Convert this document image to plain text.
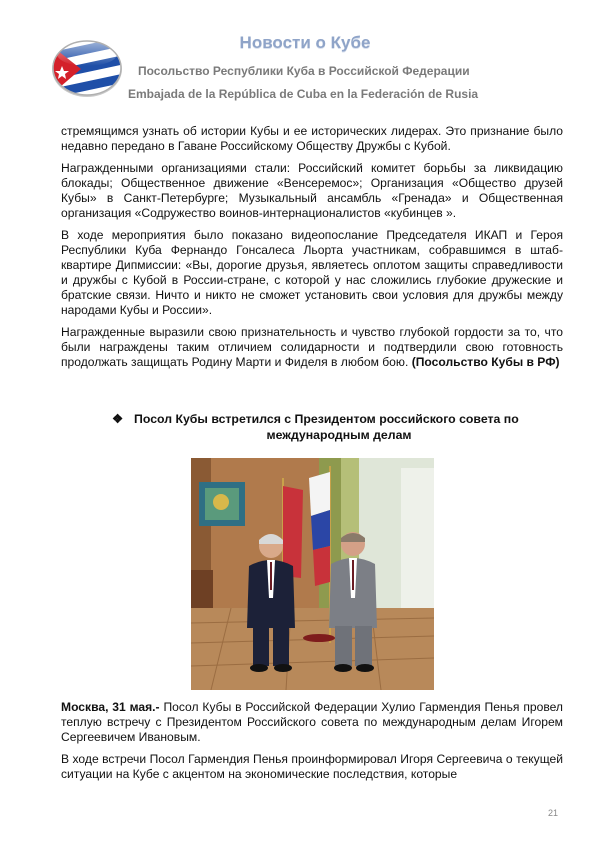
Новости о Кубе
Посольство Республики Куба в Российской Федерации
Embajada de la República de Cuba en la Federación de Rusia

стремящимся узнать об истории Кубы и ее исторических лидерах. Это признание было недавно передано в Гаване Российскому Обществу Дружбы с Кубой.

Награжденными организациями стали: Российский комитет борьбы за ликвидацию блокады; Общественное движение «Венсеремос»; Организация «Общество друзей Кубы» в Санкт-Петербурге; Музыкальный ансамбль «Гренада» и Общественная организация «Содружество воинов-интернационалистов «кубинцев ».

В ходе мероприятия было показано видеопослание Председателя ИКАП и Героя Республики Куба Фернандо Гонсалеса Льорта участникам, собравшимся в штаб-квартире Дипмиссии: «Вы, дорогие друзья, являетесь оплотом защиты справедливости и дружбы с Кубой в России-стране, с которой у нас сложились глубокие дружеские и братские связи. Ничто и никто не сможет установить свои условия для дружбы между народами Кубы и России».

Награжденные выразили свою признательность и чувство глубокой гордости за то, что были награждены таким отличием солидарности и подтвердили свою готовность продолжать защищать Родину Марти и Фиделя в любом бою. (Посольство Кубы в РФ)

❖ Посол Кубы встретился с Президентом российского совета по
международным делам

Москва, 31 мая.- Посол Кубы в Российской Федерации Хулио Гармендия Пенья провел теплую встречу с Президентом Российского совета по международным делам Игорем Сергеевичем Ивановым.

В ходе встречи Посол Гармендия Пенья проинформировал Игоря Сергеевича о текущей ситуации на Кубе с акцентом на экономические последствия, которые

21
